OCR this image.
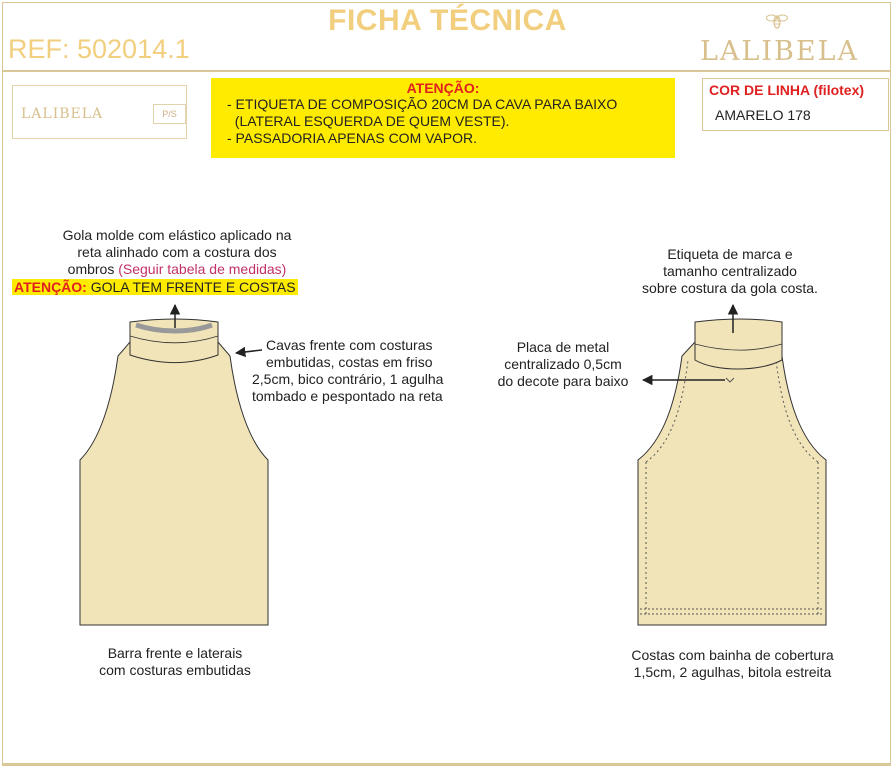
FICHA TÉCNICA
REF: 502014.1	LALIBELA
LALIBELA	P/S
ATENÇÃO:
- ETIQUETA DE COMPOSIÇÃO 20CM DA CAVA PARA BAIXO
(LATERAL ESQUERDA DE QUEM VESTE).
- PASSADORIA APENAS COM VAPOR.
COR DE LINHA (filotex)
AMARELO 178
Gola molde com elástico aplicado na
reta alinhado com a costura dos
ombros (Seguir tabela de medidas)
ATENÇÃO: GOLA TEM FRENTE E COSTAS
Cavas frente com costuras
embutidas, costas em friso
2,5cm, bico contrário, 1 agulha
tombado e pespontado na reta
Barra frente e laterais
com costuras embutidas
Etiqueta de marca e
tamanho centralizado
sobre costura da gola costa.
Placa de metal
centralizado 0,5cm
do decote para baixo
Costas com bainha de cobertura
1,5cm, 2 agulhas, bitola estreita
